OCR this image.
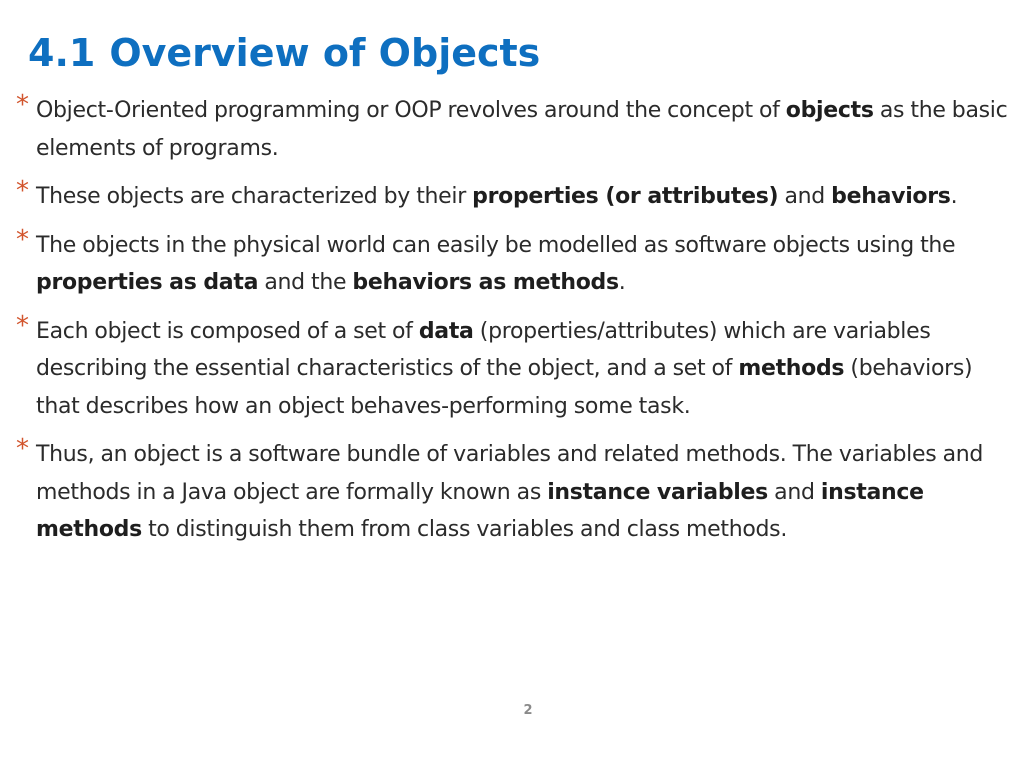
4.1 Overview of Objects
* Object-Oriented programming or OOP revolves around the concept of objects as the basic elements of programs.
* These objects are characterized by their properties (or attributes) and behaviors.
* The objects in the physical world can easily be modelled as software objects using the properties as data and the behaviors as methods.
* Each object is composed of a set of data (properties/attributes) which are variables describing the essential characteristics of the object, and a set of methods (behaviors) that describes how an object behaves-performing some task.
* Thus, an object is a software bundle of variables and related methods. The variables and methods in a Java object are formally known as instance variables and instance methods to distinguish them from class variables and class methods.
2
